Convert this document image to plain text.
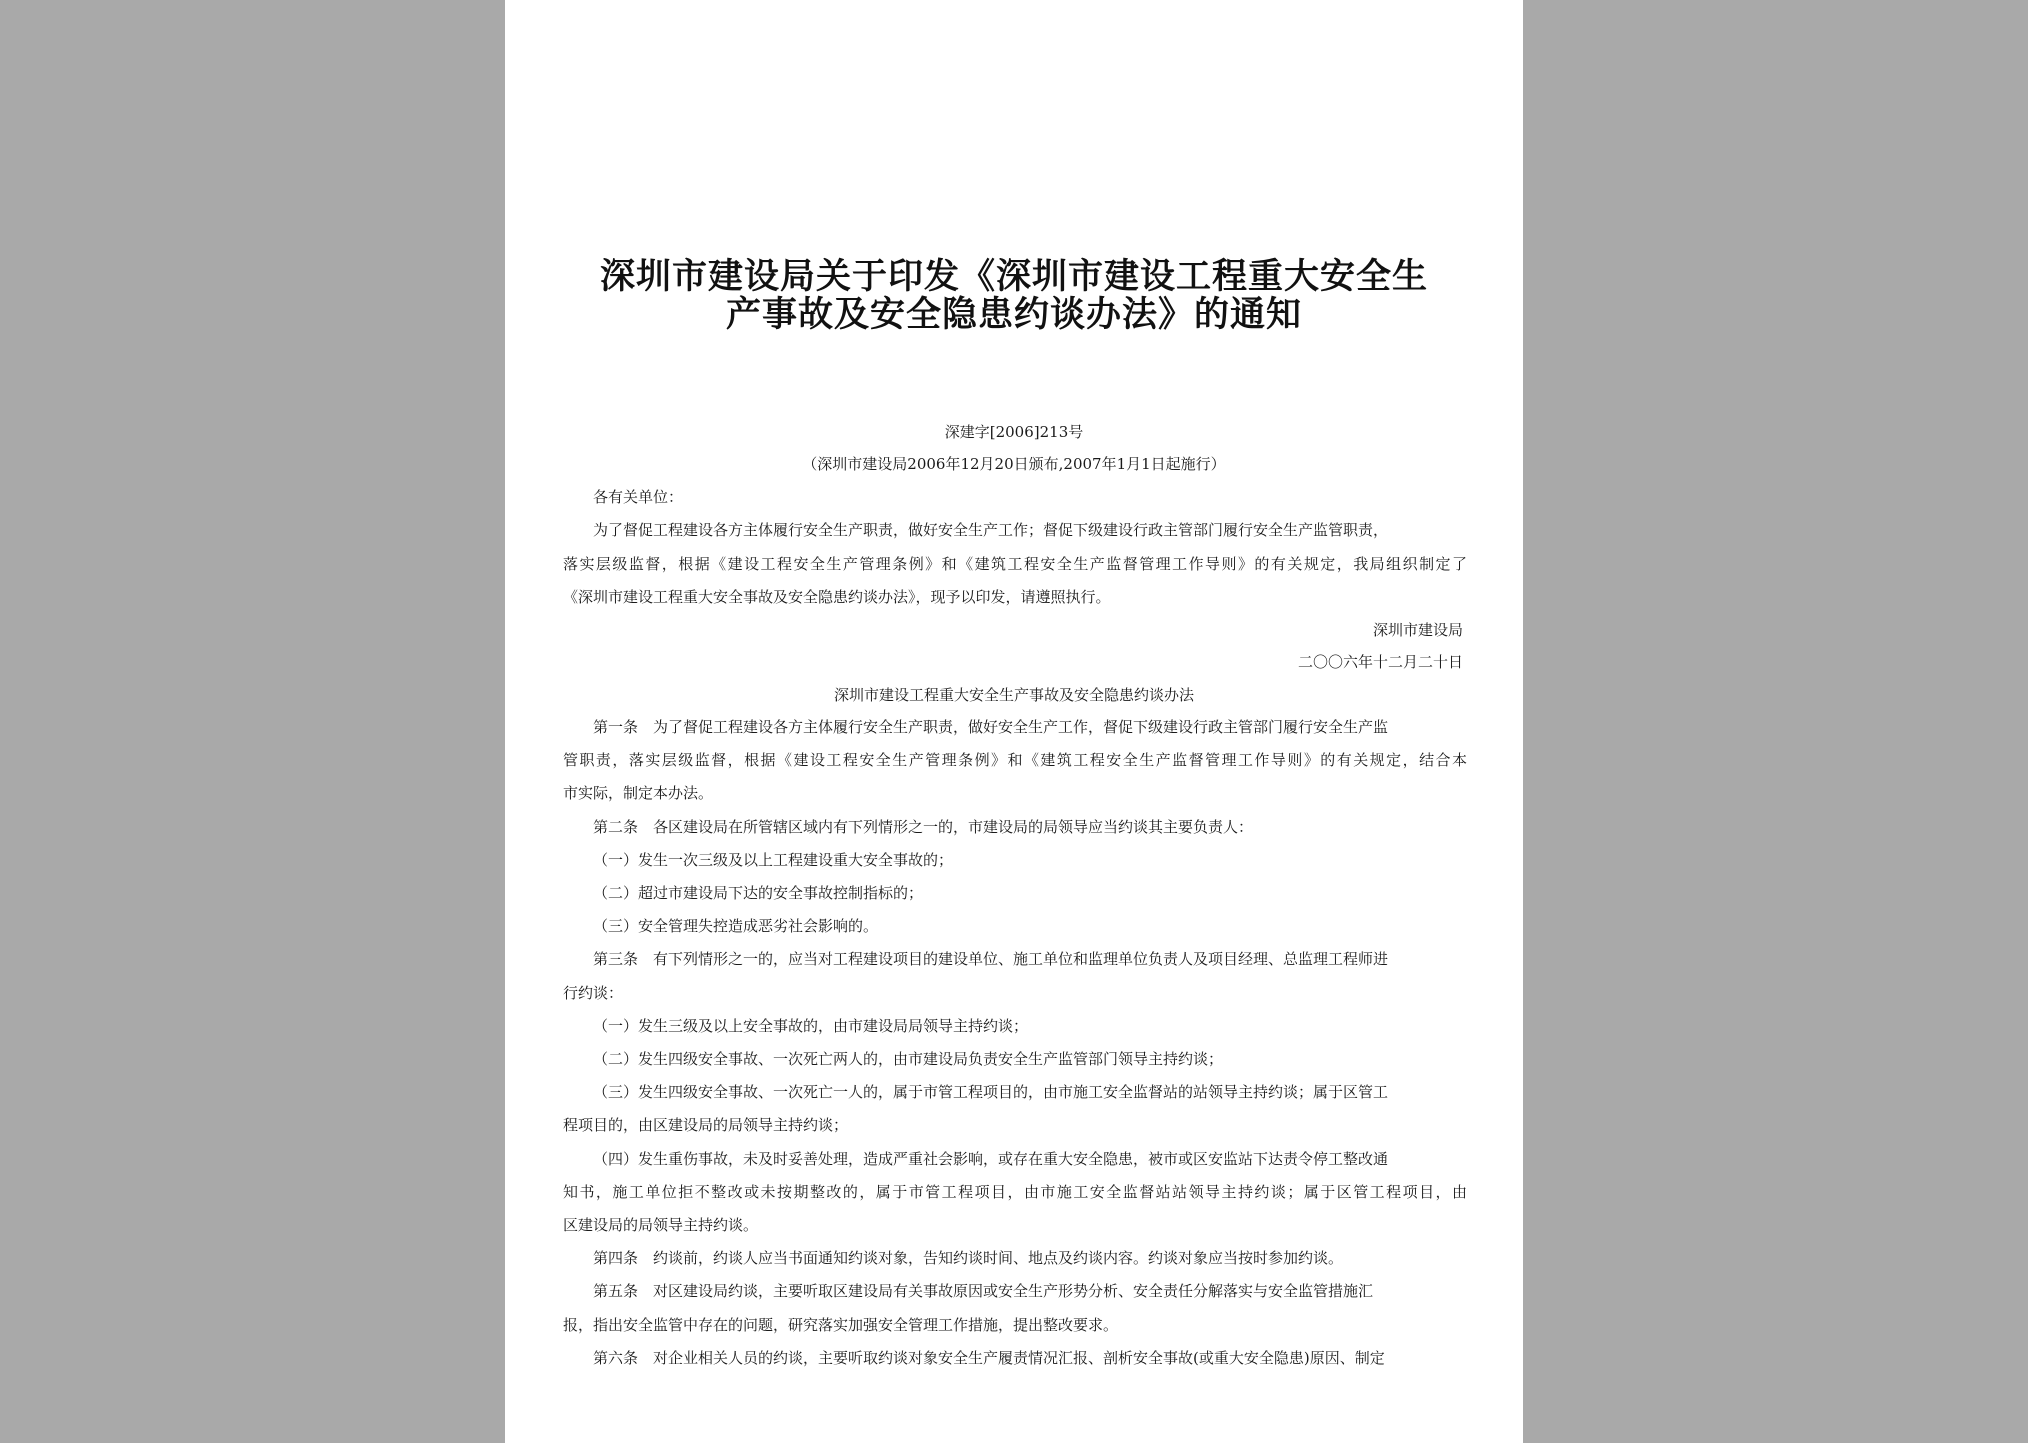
深圳市建设局关于印发《深圳市建设工程重大安全生
产事故及安全隐患约谈办法》的通知
深建字[2006]213号
（深圳市建设局2006年12月20日颁布,2007年1月1日起施行）
各有关单位：
为了督促工程建设各方主体履行安全生产职责，做好安全生产工作；督促下级建设行政主管部门履行安全生产监管职责，
落实层级监督，根据《建设工程安全生产管理条例》和《建筑工程安全生产监督管理工作导则》的有关规定，我局组织制定了
《深圳市建设工程重大安全事故及安全隐患约谈办法》，现予以印发，请遵照执行。
深圳市建设局
二〇〇六年十二月二十日
深圳市建设工程重大安全生产事故及安全隐患约谈办法
第一条　为了督促工程建设各方主体履行安全生产职责，做好安全生产工作，督促下级建设行政主管部门履行安全生产监
管职责，落实层级监督，根据《建设工程安全生产管理条例》和《建筑工程安全生产监督管理工作导则》的有关规定，结合本
市实际，制定本办法。
第二条　各区建设局在所管辖区域内有下列情形之一的，市建设局的局领导应当约谈其主要负责人：
（一）发生一次三级及以上工程建设重大安全事故的；
（二）超过市建设局下达的安全事故控制指标的；
（三）安全管理失控造成恶劣社会影响的。
第三条　有下列情形之一的，应当对工程建设项目的建设单位、施工单位和监理单位负责人及项目经理、总监理工程师进
行约谈：
（一）发生三级及以上安全事故的，由市建设局局领导主持约谈；
（二）发生四级安全事故、一次死亡两人的，由市建设局负责安全生产监管部门领导主持约谈；
（三）发生四级安全事故、一次死亡一人的，属于市管工程项目的，由市施工安全监督站的站领导主持约谈；属于区管工
程项目的，由区建设局的局领导主持约谈；
（四）发生重伤事故，未及时妥善处理，造成严重社会影响，或存在重大安全隐患，被市或区安监站下达责令停工整改通
知书，施工单位拒不整改或未按期整改的，属于市管工程项目，由市施工安全监督站站领导主持约谈；属于区管工程项目，由
区建设局的局领导主持约谈。
第四条　约谈前，约谈人应当书面通知约谈对象，告知约谈时间、地点及约谈内容。约谈对象应当按时参加约谈。
第五条　对区建设局约谈，主要听取区建设局有关事故原因或安全生产形势分析、安全责任分解落实与安全监管措施汇
报，指出安全监管中存在的问题，研究落实加强安全管理工作措施，提出整改要求。
第六条　对企业相关人员的约谈，主要听取约谈对象安全生产履责情况汇报、剖析安全事故(或重大安全隐患)原因、制定
